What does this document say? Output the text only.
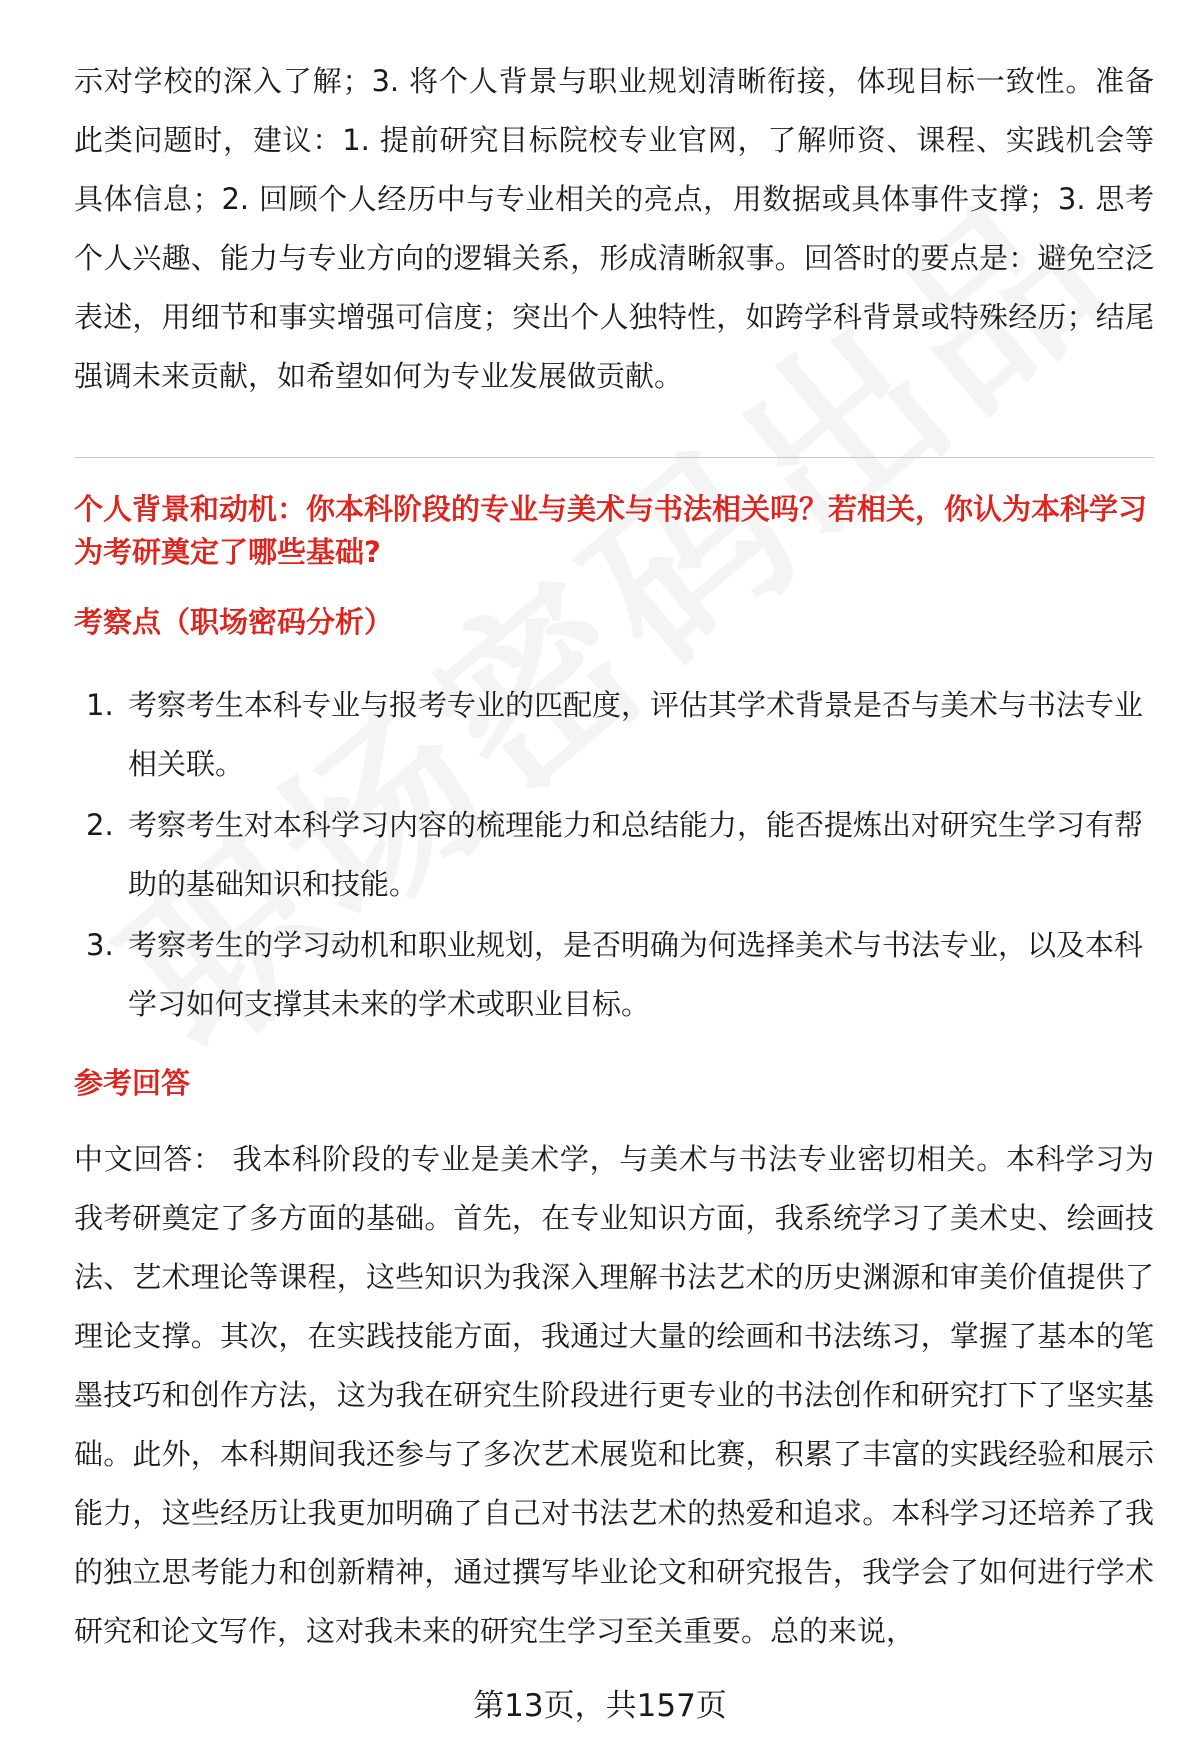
示对学校的深入了解；3. 将个人背景与职业规划清晰衔接，体现目标一致性。准备此类问题时，建议：1. 提前研究目标院校专业官网，了解师资、课程、实践机会等具体信息；2. 回顾个人经历中与专业相关的亮点，用数据或具体事件支撑；3. 思考个人兴趣、能力与专业方向的逻辑关系，形成清晰叙事。回答时的要点是：避免空泛表述，用细节和事实增强可信度；突出个人独特性，如跨学科背景或特殊经历；结尾强调未来贡献，如希望如何为专业发展做贡献。

个人背景和动机：你本科阶段的专业与美术与书法相关吗？若相关，你认为本科学习为考研奠定了哪些基础?

考察点（职场密码分析）

1. 考察考生本科专业与报考专业的匹配度，评估其学术背景是否与美术与书法专业相关联。
2. 考察考生对本科学习内容的梳理能力和总结能力，能否提炼出对研究生学习有帮助的基础知识和技能。
3. 考察考生的学习动机和职业规划，是否明确为何选择美术与书法专业，以及本科学习如何支撑其未来的学术或职业目标。

参考回答

中文回答： 我本科阶段的专业是美术学，与美术与书法专业密切相关。本科学习为我考研奠定了多方面的基础。首先，在专业知识方面，我系统学习了美术史、绘画技法、艺术理论等课程，这些知识为我深入理解书法艺术的历史渊源和审美价值提供了理论支撑。其次，在实践技能方面，我通过大量的绘画和书法练习，掌握了基本的笔墨技巧和创作方法，这为我在研究生阶段进行更专业的书法创作和研究打下了坚实基础。此外，本科期间我还参与了多次艺术展览和比赛，积累了丰富的实践经验和展示能力，这些经历让我更加明确了自己对书法艺术的热爱和追求。本科学习还培养了我的独立思考能力和创新精神，通过撰写毕业论文和研究报告，我学会了如何进行学术研究和论文写作，这对我未来的研究生学习至关重要。总的来说，

第13页，共157页
